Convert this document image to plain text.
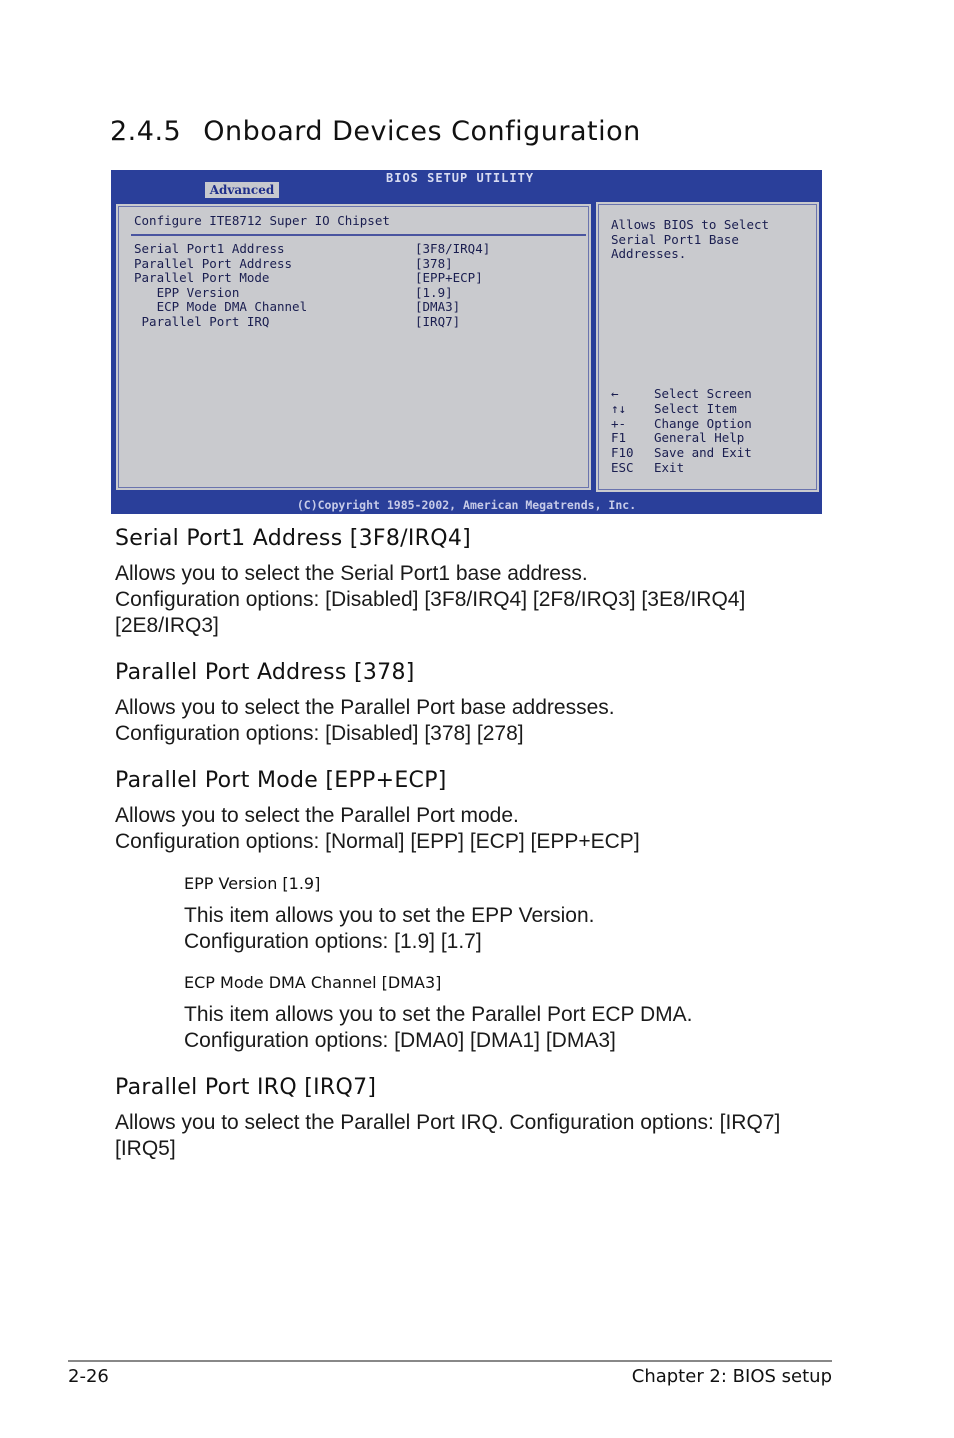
2.4.5 Onboard Devices Configuration
BIOS SETUP UTILITY
Advanced
Configure ITE8712 Super IO Chipset
Serial Port1 Address	[3F8/IRQ4]
Parallel Port Address	[378]
Parallel Port Mode	[EPP+ECP]
EPP Version	[1.9]
ECP Mode DMA Channel	[DMA3]
Parallel Port IRQ	[IRQ7]
Allows BIOS to Select
Serial Port1 Base
Addresses.
←	Select Screen
↑↓	Select Item
+-	Change Option
F1	General Help
F10	Save and Exit
ESC	Exit
(C)Copyright 1985-2002, American Megatrends, Inc.
Serial Port1 Address [3F8/IRQ4]

Allows you to select the Serial Port1 base address.
Configuration options: [Disabled] [3F8/IRQ4] [2F8/IRQ3] [3E8/IRQ4]
[2E8/IRQ3]

Parallel Port Address [378]

Allows you to select the Parallel Port base addresses.
Configuration options: [Disabled] [378] [278]

Parallel Port Mode [EPP+ECP]

Allows you to select the Parallel Port mode.
Configuration options: [Normal] [EPP] [ECP] [EPP+ECP]

EPP Version [1.9]

This item allows you to set the EPP Version.
Configuration options: [1.9] [1.7]

ECP Mode DMA Channel [DMA3]

This item allows you to set the Parallel Port ECP DMA.
Configuration options: [DMA0] [DMA1] [DMA3]

Parallel Port IRQ [IRQ7]

Allows you to select the Parallel Port IRQ. Configuration options: [IRQ7]
[IRQ5]

2-26	Chapter 2: BIOS setup
